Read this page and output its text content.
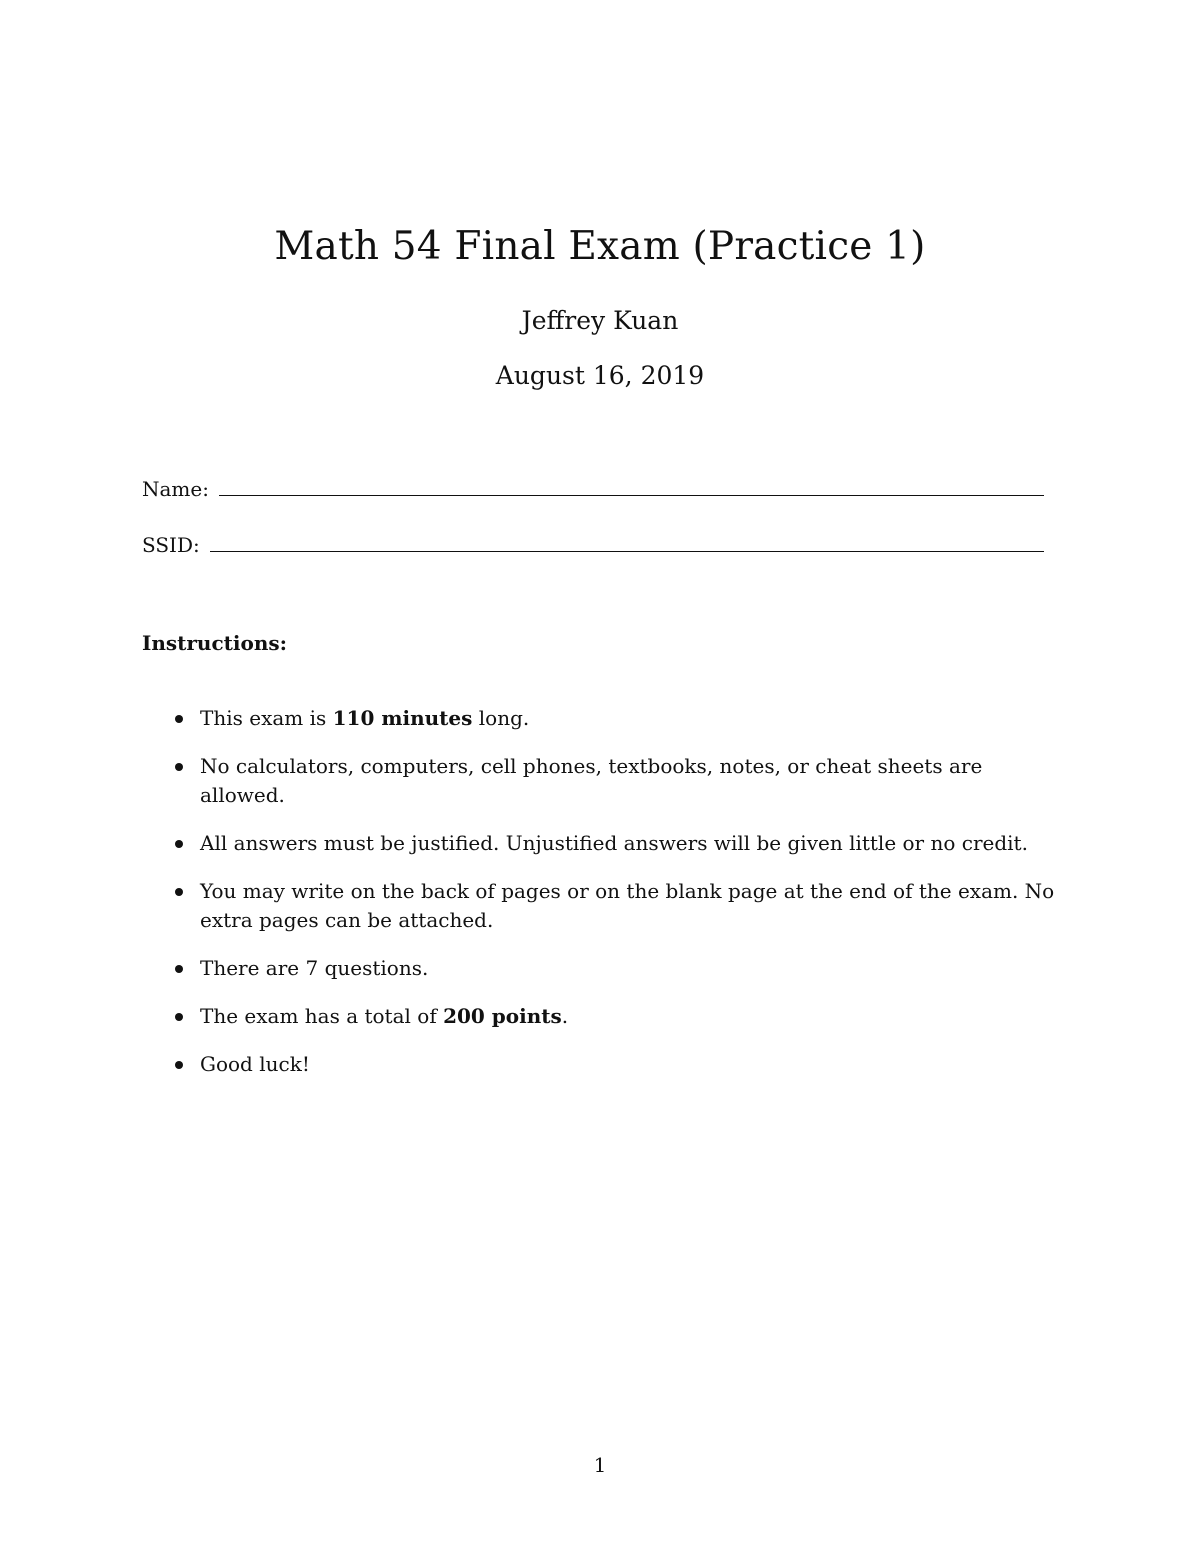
Math 54 Final Exam (Practice 1)
Jeffrey Kuan
August 16, 2019
Name:
SSID:
Instructions:
This exam is 110 minutes long.
No calculators, computers, cell phones, textbooks, notes, or cheat sheets are allowed.
All answers must be justified. Unjustified answers will be given little or no credit.
You may write on the back of pages or on the blank page at the end of the exam. No extra pages can be attached.
There are 7 questions.
The exam has a total of 200 points.
Good luck!
1
